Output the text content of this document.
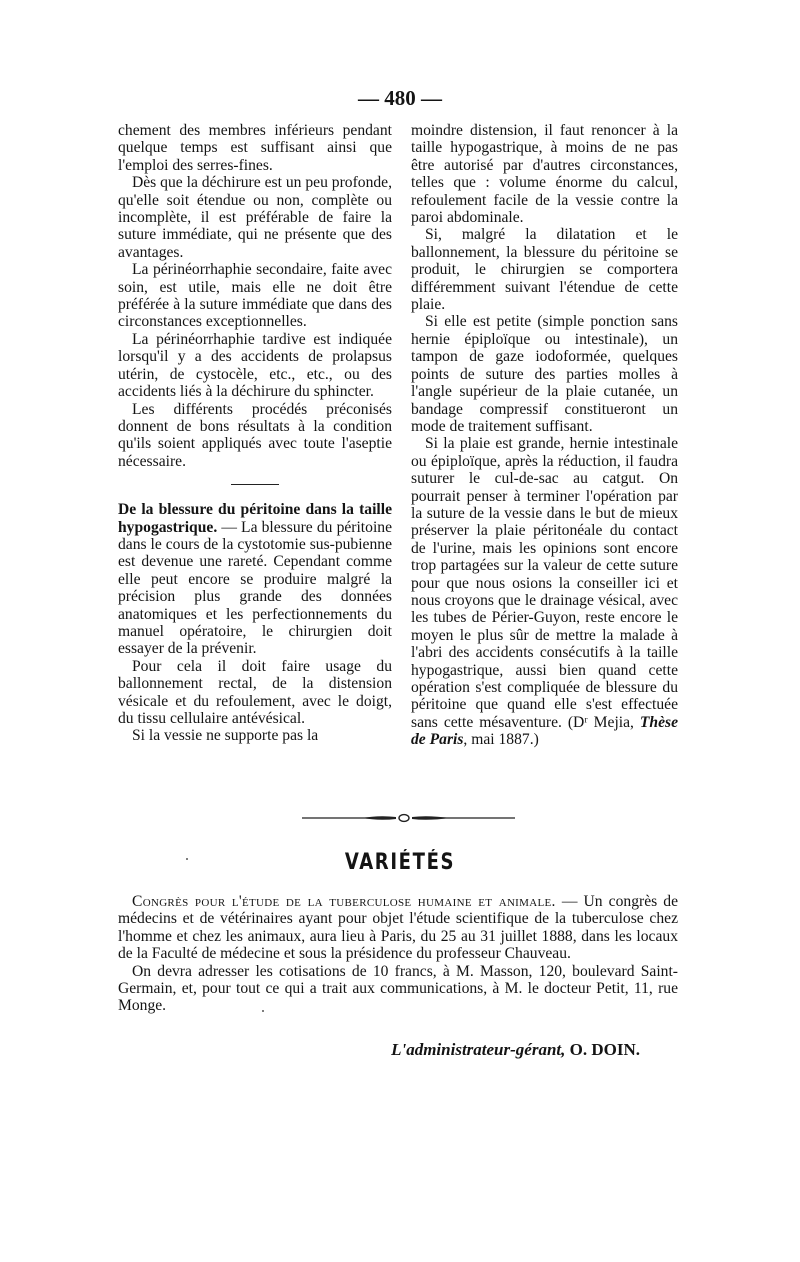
— 480 —

chement des membres inférieurs pendant quelque temps est suffisant ainsi que l'emploi des serres-fines.

Dès que la déchirure est un peu profonde, qu'elle soit étendue ou non, complète ou incomplète, il est préférable de faire la suture immédiate, qui ne présente que des avantages.

La périnéorrhaphie secondaire, faite avec soin, est utile, mais elle ne doit être préférée à la suture immédiate que dans des circonstances exceptionnelles.

La périnéorrhaphie tardive est indiquée lorsqu'il y a des accidents de prolapsus utérin, de cystocèle, etc., etc., ou des accidents liés à la déchirure du sphincter.

Les différents procédés préconisés donnent de bons résultats à la condition qu'ils soient appliqués avec toute l'aseptie nécessaire.

De la blessure du péritoine dans la taille hypogastrique. — La blessure du péritoine dans le cours de la cystotomie sus-pubienne est devenue une rareté. Cependant comme elle peut encore se produire malgré la précision plus grande des données anatomiques et les perfectionnements du manuel opératoire, le chirurgien doit essayer de la prévenir.

Pour cela il doit faire usage du ballonnement rectal, de la distension vésicale et du refoulement, avec le doigt, du tissu cellulaire antévésical.

Si la vessie ne supporte pas la

moindre distension, il faut renoncer à la taille hypogastrique, à moins de ne pas être autorisé par d'autres circonstances, telles que : volume énorme du calcul, refoulement facile de la vessie contre la paroi abdominale.

Si, malgré la dilatation et le ballonnement, la blessure du péritoine se produit, le chirurgien se comportera différemment suivant l'étendue de cette plaie.

Si elle est petite (simple ponction sans hernie épiploïque ou intestinale), un tampon de gaze iodoformée, quelques points de suture des parties molles à l'angle supérieur de la plaie cutanée, un bandage compressif constitueront un mode de traitement suffisant.

Si la plaie est grande, hernie intestinale ou épiploïque, après la réduction, il faudra suturer le cul-de-sac au catgut. On pourrait penser à terminer l'opération par la suture de la vessie dans le but de mieux préserver la plaie péritonéale du contact de l'urine, mais les opinions sont encore trop partagées sur la valeur de cette suture pour que nous osions la conseiller ici et nous croyons que le drainage vésical, avec les tubes de Périer-Guyon, reste encore le moyen le plus sûr de mettre la malade à l'abri des accidents consécutifs à la taille hypogastrique, aussi bien quand cette opération s'est compliquée de blessure du péritoine que quand elle s'est effectuée sans cette mésaventure. (Dʳ Mejia, Thèse de Paris, mai 1887.)

VARIÉTÉS

Congrès pour l'étude de la tuberculose humaine et animale. — Un congrès de médecins et de vétérinaires ayant pour objet l'étude scientifique de la tuberculose chez l'homme et chez les animaux, aura lieu à Paris, du 25 au 31 juillet 1888, dans les locaux de la Faculté de médecine et sous la présidence du professeur Chauveau.

On devra adresser les cotisations de 10 francs, à M. Masson, 120, boulevard Saint-Germain, et, pour tout ce qui a trait aux communications, à M. le docteur Petit, 11, rue Monge.

L'administrateur-gérant, O. DOIN.
